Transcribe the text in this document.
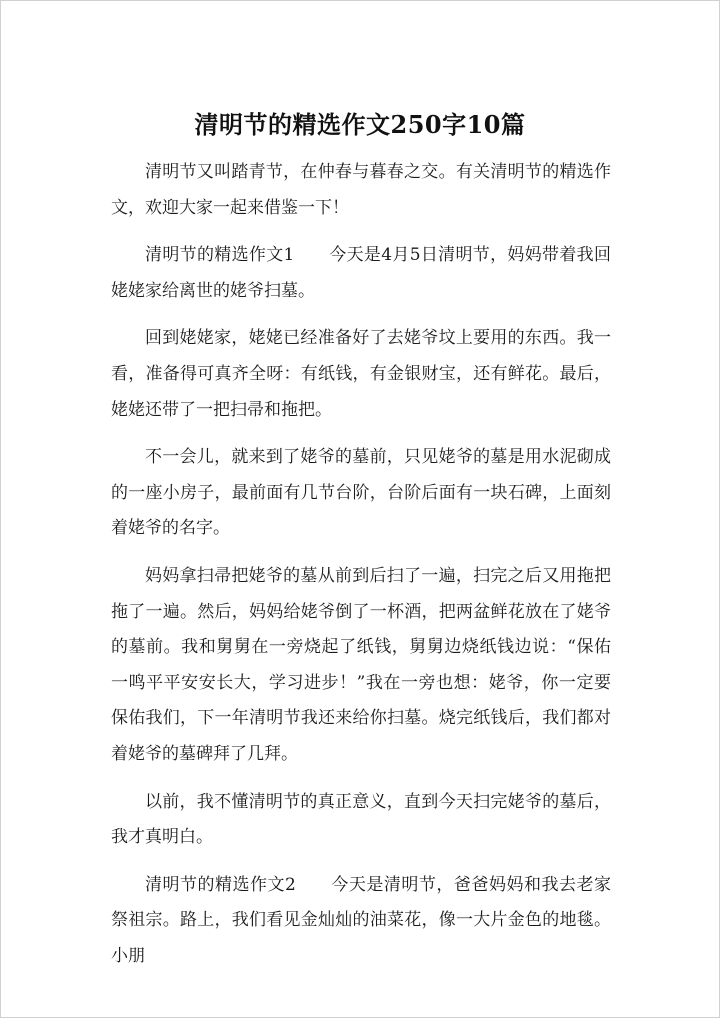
清明节的精选作文250字10篇

清明节又叫踏青节，在仲春与暮春之交。有关清明节的精选作文，欢迎大家一起来借鉴一下！

清明节的精选作文1　　今天是4月5日清明节，妈妈带着我回姥姥家给离世的姥爷扫墓。

回到姥姥家，姥姥已经准备好了去姥爷坟上要用的东西。我一看，准备得可真齐全呀：有纸钱，有金银财宝，还有鲜花。最后，姥姥还带了一把扫帚和拖把。

不一会儿，就来到了姥爷的墓前，只见姥爷的墓是用水泥砌成的一座小房子，最前面有几节台阶，台阶后面有一块石碑，上面刻着姥爷的名字。

妈妈拿扫帚把姥爷的墓从前到后扫了一遍，扫完之后又用拖把拖了一遍。然后，妈妈给姥爷倒了一杯酒，把两盆鲜花放在了姥爷的墓前。我和舅舅在一旁烧起了纸钱，舅舅边烧纸钱边说：“保佑一鸣平平安安长大，学习进步！”我在一旁也想：姥爷，你一定要保佑我们，下一年清明节我还来给你扫墓。烧完纸钱后，我们都对着姥爷的墓碑拜了几拜。

以前，我不懂清明节的真正意义，直到今天扫完姥爷的墓后，我才真明白。

清明节的精选作文2　　今天是清明节，爸爸妈妈和我去老家祭祖宗。路上，我们看见金灿灿的油菜花，像一大片金色的地毯。小朋
